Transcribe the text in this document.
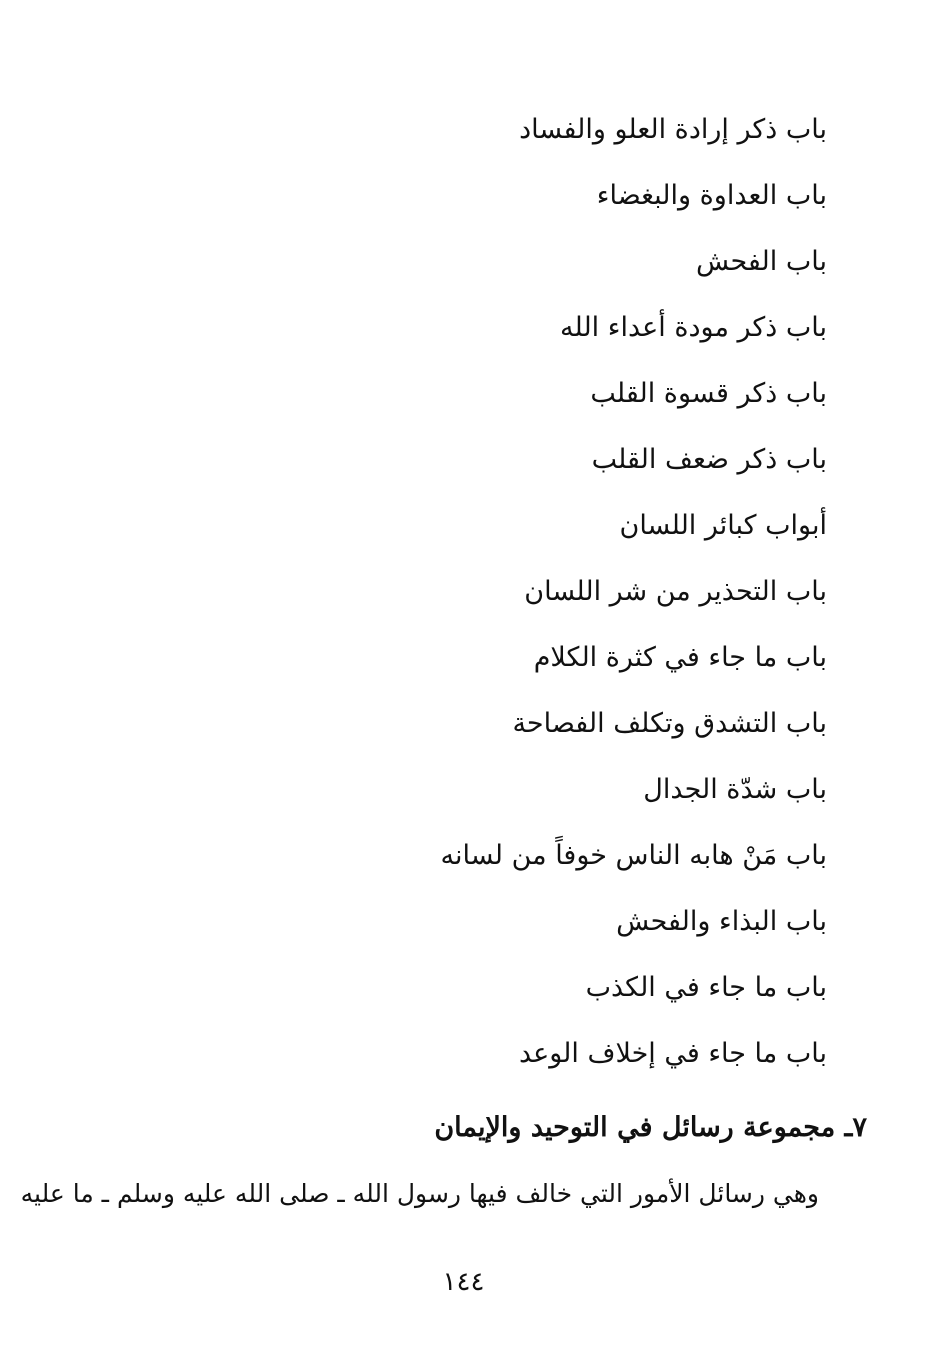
باب ذكر إرادة العلو والفساد
باب العداوة والبغضاء
باب الفحش
باب ذكر مودة أعداء الله
باب ذكر قسوة القلب
باب ذكر ضعف القلب
أبواب كبائر اللسان
باب التحذير من شر اللسان
باب ما جاء في كثرة الكلام
باب التشدق وتكلف الفصاحة
باب شدّة الجدال
باب مَنْ هابه الناس خوفاً من لسانه
باب البذاء والفحش
باب ما جاء في الكذب
باب ما جاء في إخلاف الوعد
٧ـ مجموعة رسائل في التوحيد والإيمان
وهي رسائل الأمور التي خالف فيها رسول الله ـ صلى الله عليه وسلم ـ ما عليه
١٤٤
